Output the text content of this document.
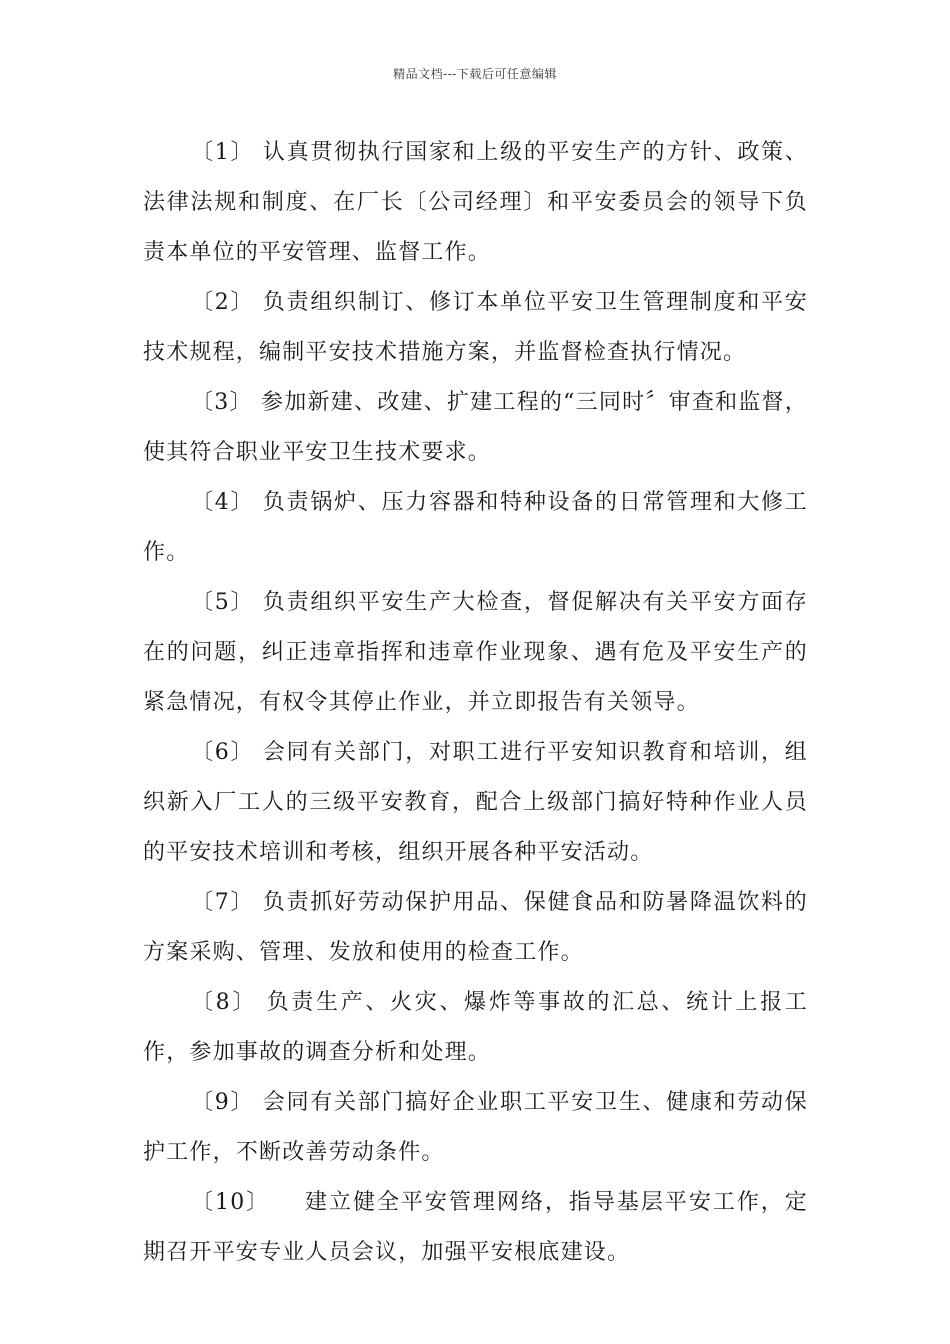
精品文档---下载后可任意编辑

〔1〕 认真贯彻执行国家和上级的平安生产的方针、政策、法律法规和制度、在厂长〔公司经理〕和平安委员会的领导下负责本单位的平安管理、监督工作。

〔2〕 负责组织制订、修订本单位平安卫生管理制度和平安技术规程，编制平安技术措施方案，并监督检查执行情况。

〔3〕 参加新建、改建、扩建工程的“三同时〞审查和监督，使其符合职业平安卫生技术要求。

〔4〕 负责锅炉、压力容器和特种设备的日常管理和大修工作。

〔5〕 负责组织平安生产大检查，督促解决有关平安方面存在的问题，纠正违章指挥和违章作业现象、遇有危及平安生产的紧急情况，有权令其停止作业，并立即报告有关领导。

〔6〕 会同有关部门，对职工进行平安知识教育和培训，组织新入厂工人的三级平安教育，配合上级部门搞好特种作业人员的平安技术培训和考核，组织开展各种平安活动。

〔7〕 负责抓好劳动保护用品、保健食品和防暑降温饮料的方案采购、管理、发放和使用的检查工作。

〔8〕 负责生产、火灾、爆炸等事故的汇总、统计上报工作，参加事故的调查分析和处理。

〔9〕 会同有关部门搞好企业职工平安卫生、健康和劳动保护工作，不断改善劳动条件。

〔10〕 建立健全平安管理网络，指导基层平安工作，定期召开平安专业人员会议，加强平安根底建设。
